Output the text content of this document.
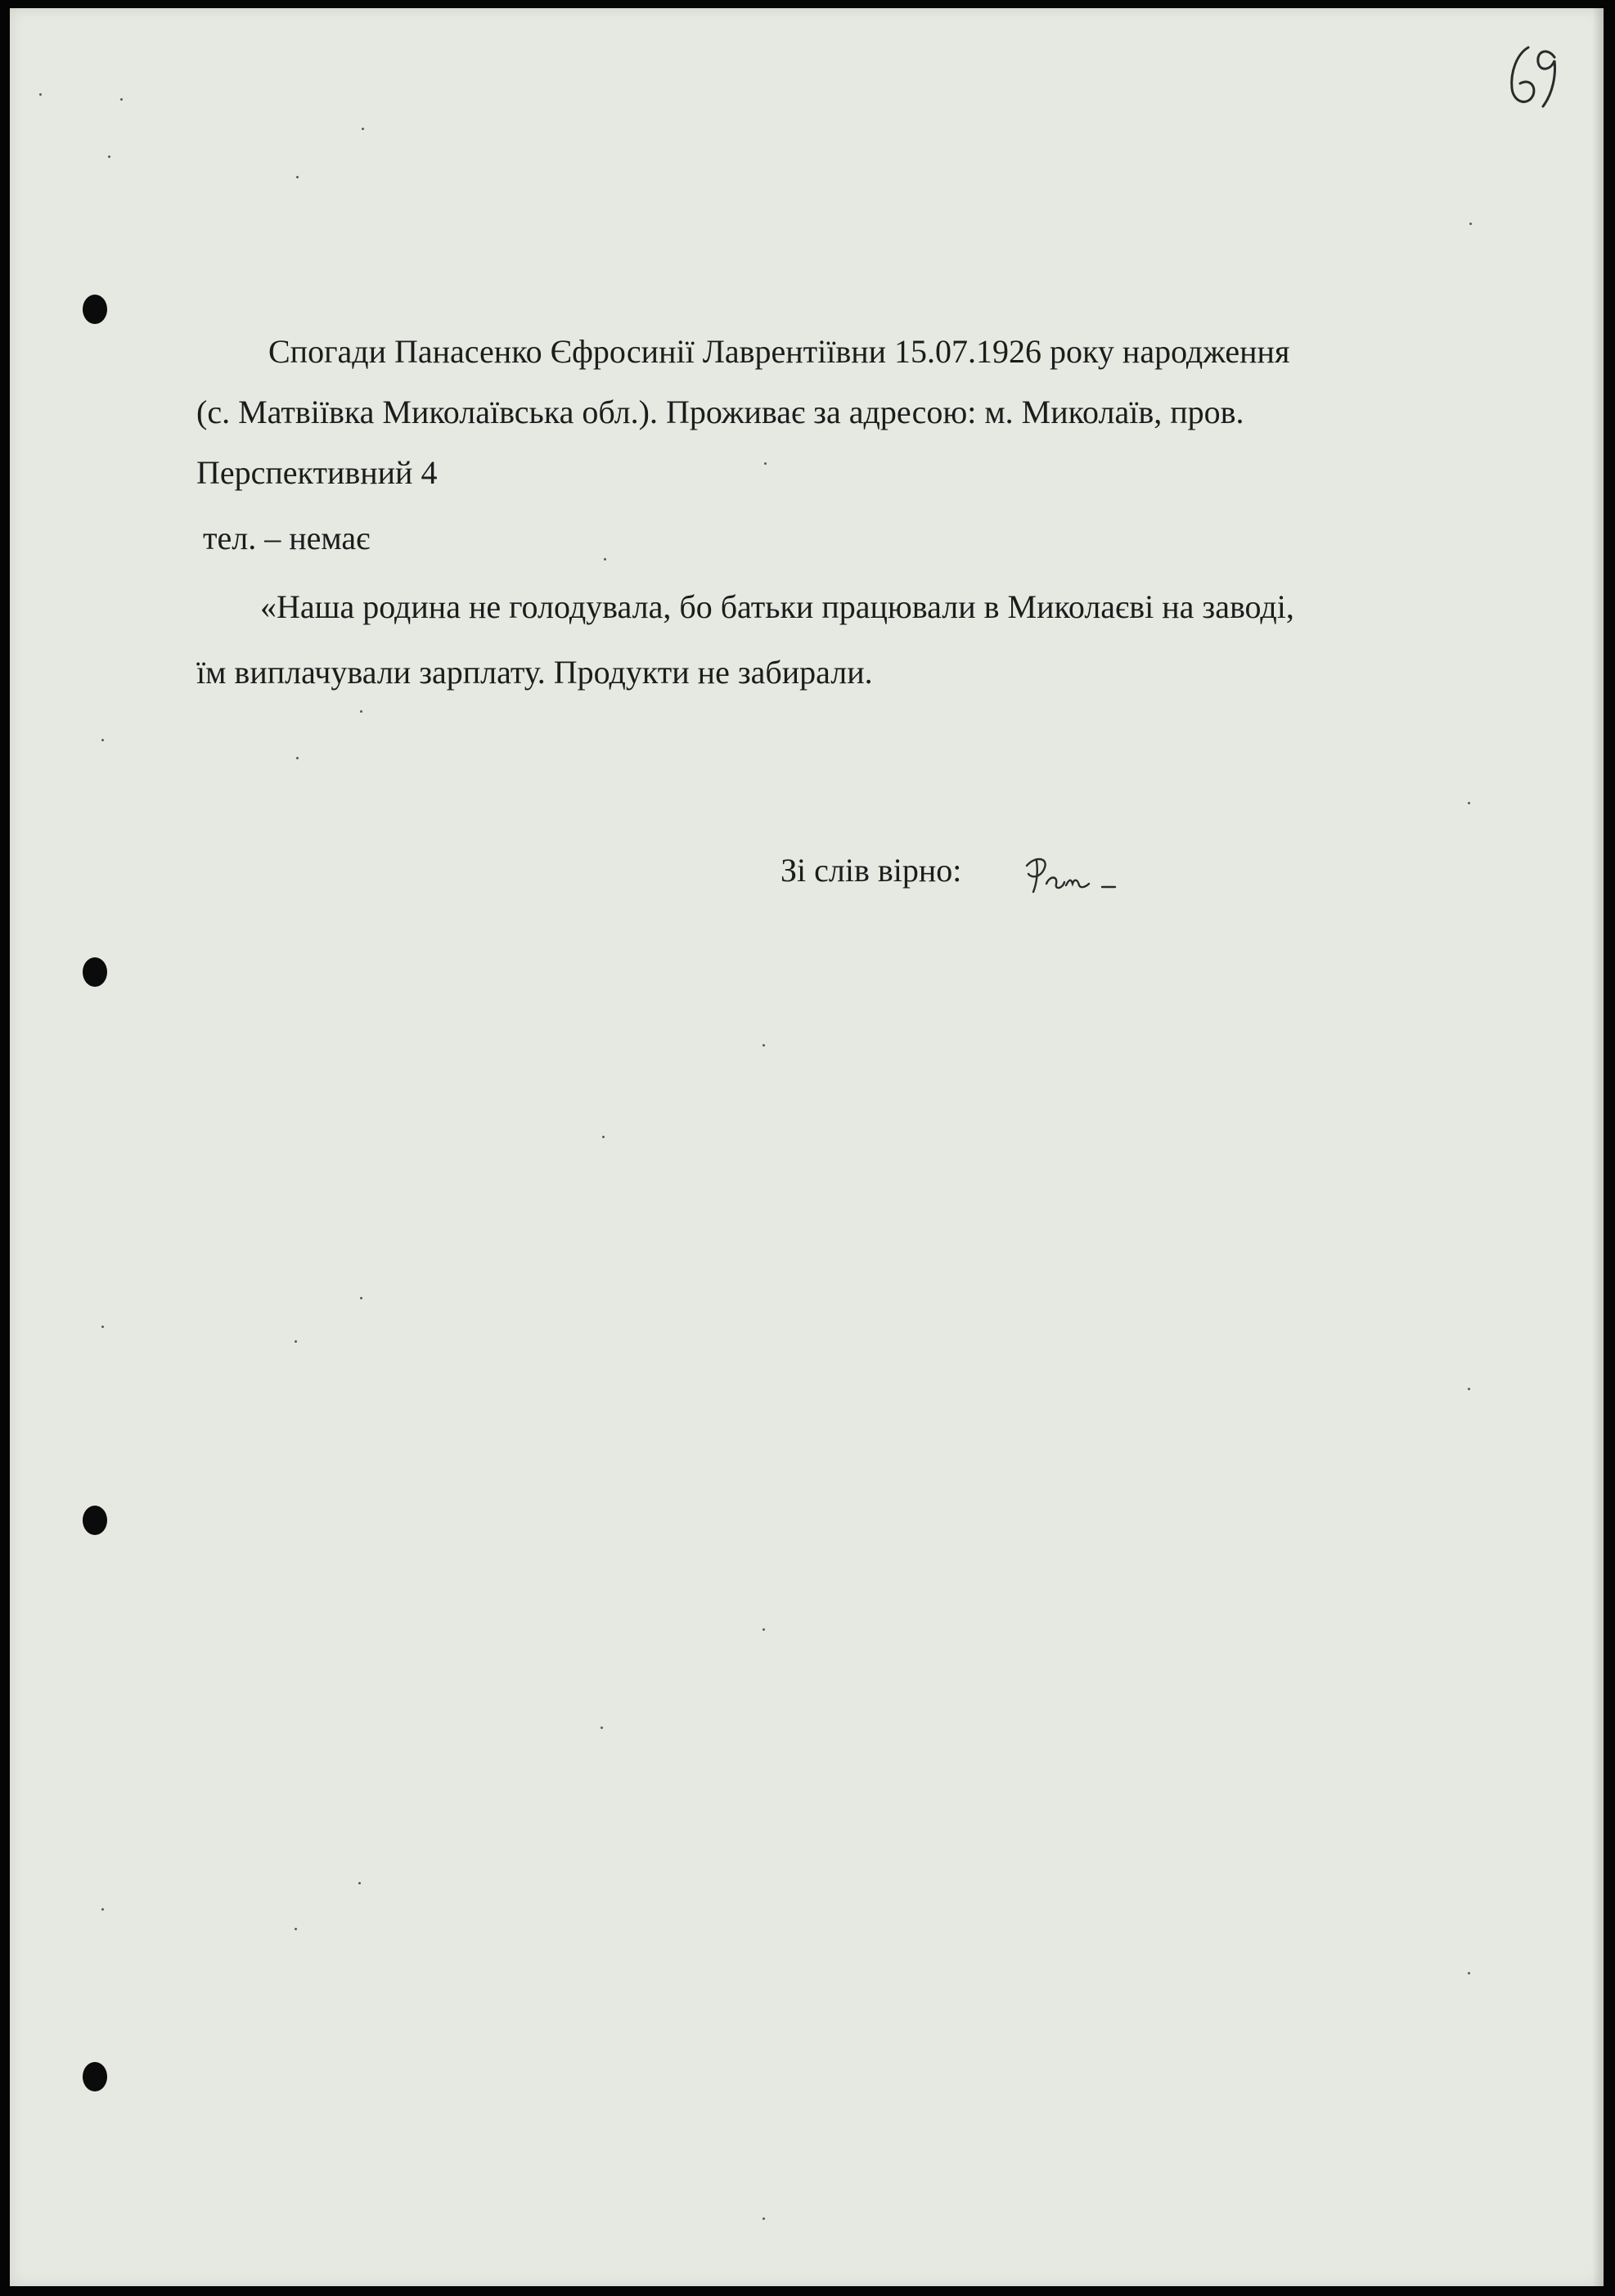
Спогади Панасенко Єфросинії Лаврентіївни 15.07.1926 року народження
(с. Матвіївка Миколаївська обл.). Проживає за адресою: м. Миколаїв, пров.
Перспективний 4
тел. – немає
«Наша родина не голодувала, бо батьки працювали в Миколаєві на заводі,
їм виплачували зарплату. Продукти не забирали.
Зі слів вірно:
